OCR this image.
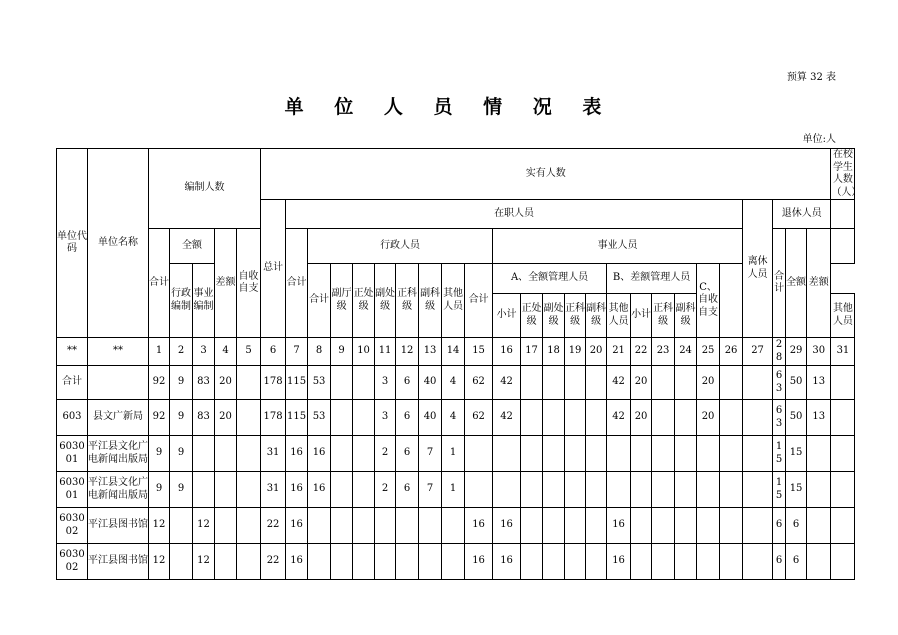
预算 32 表
单 位 人 员 情 况 表
单位:人
单位代码	单位名称	编制人数					实有人数																									在校学生人数（人）
							总计	在职人员																				离休人员	退休人员			
		合计	全额		差额	自收自支		合计	行政人员								事业人员												合计	全额	差额	
			行政编制	事业编制					合计	副厅级	正处级	副处级	正科级	副科级	其他人员	合计	A、全额管理人员					B、差额管理人员				C、自收自支						
																	小计	正处级	副处级	正科级	副科级	其他人员	小计	正科级	副科级							其他人员
**	**	1	2	3	4	5	6	7	8	9	10	11	12	13	14	15	16	17	18	19	20	21	22	23	24	25	26	27	28	29	30	31
合计		92	9	83	20		178	115	53			3	6	40	4	62	42					42	20			20			63	50	13	
603	县文广新局	92	9	83	20		178	115	53			3	6	40	4	62	42					42	20			20			63	50	13	
603001	平江县文化广电新闻出版局	9	9				31	16	16			2	6	7	1														15	15		
603001	平江县文化广电新闻出版局	9	9				31	16	16			2	6	7	1														15	15		
603002	平江县图书馆	12		12			22	16								16	16					16							6	6		
603002	平江县图书馆	12		12			22	16								16	16					16							6	6		
